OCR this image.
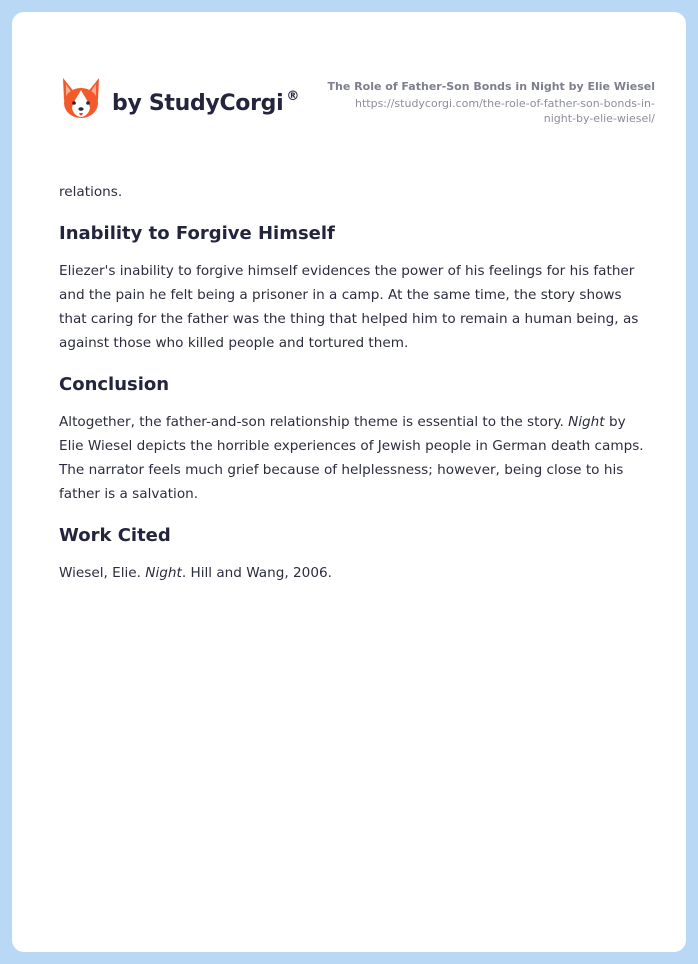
by StudyCorgi ®
The Role of Father-Son Bonds in Night by Elie Wiesel
https://studycorgi.com/the-role-of-father-son-bonds-in-
night-by-elie-wiesel/

relations.

Inability to Forgive Himself

Eliezer's inability to forgive himself evidences the power of his feelings for his father and the pain he felt being a prisoner in a camp. At the same time, the story shows that caring for the father was the thing that helped him to remain a human being, as against those who killed people and tortured them.

Conclusion

Altogether, the father-and-son relationship theme is essential to the story. Night by Elie Wiesel depicts the horrible experiences of Jewish people in German death camps. The narrator feels much grief because of helplessness; however, being close to his father is a salvation.

Work Cited

Wiesel, Elie. Night. Hill and Wang, 2006.
